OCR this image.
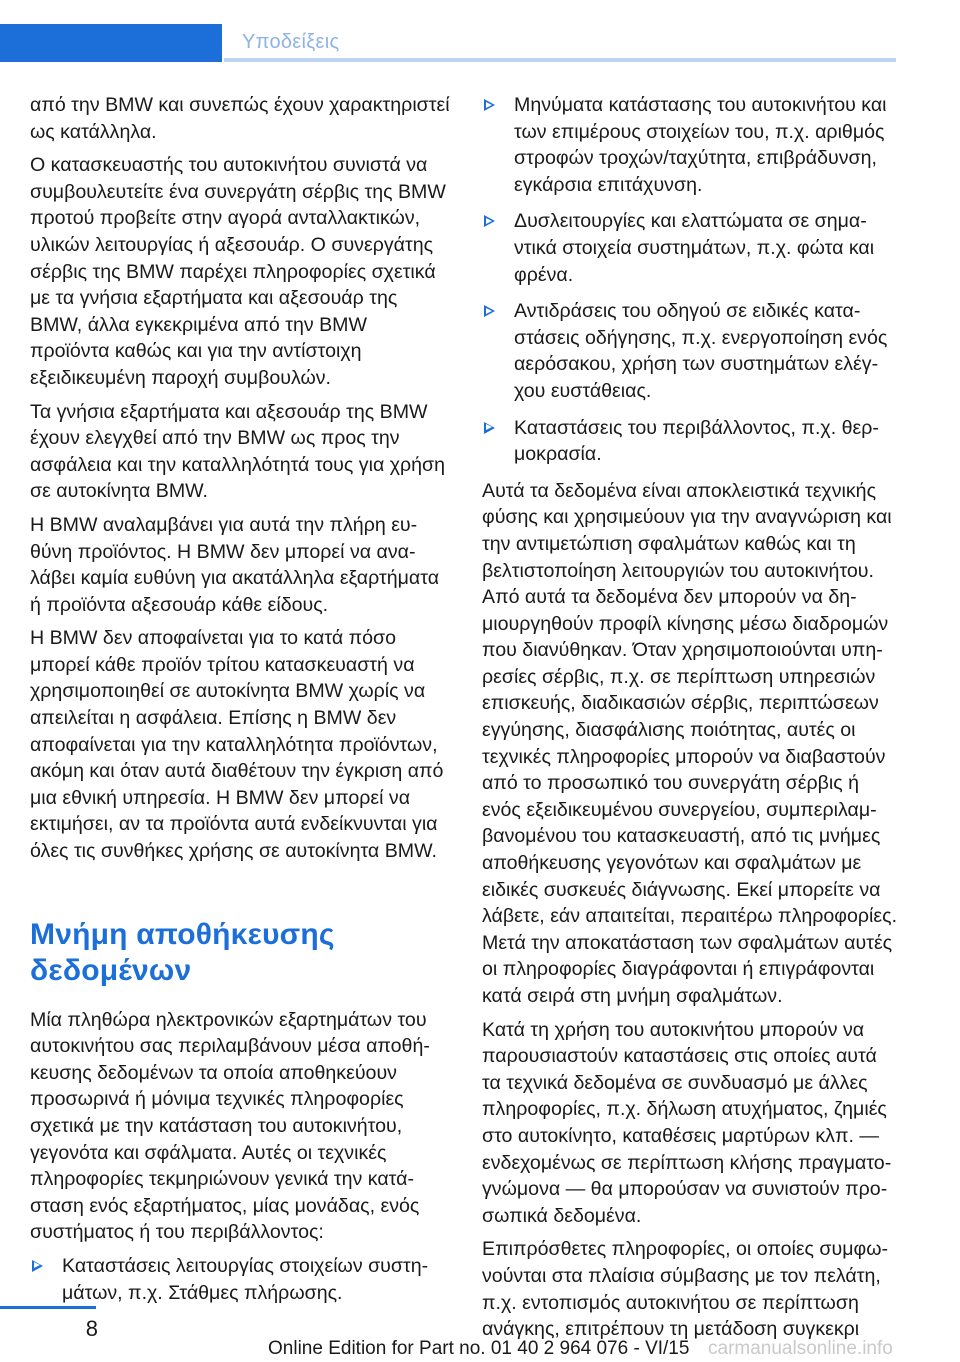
Υποδείξεις

από την BMW και συνεπώς έχουν χαρακτηριστεί ως κατάλληλα.

Ο κατασκευαστής του αυτοκινήτου συνιστά να συμβουλευτείτε ένα συνεργάτη σέρβις της BMW προτού προβείτε στην αγορά ανταλλακτικών, υλικών λειτουργίας ή αξεσουάρ. Ο συνεργάτης σέρβις της BMW παρέχει πληροφορίες σχετικά με τα γνήσια εξαρτήματα και αξεσουάρ της BMW, άλλα εγκεκριμένα από την BMW προϊόντα καθώς και για την αντίστοιχη εξειδικευμένη παροχή συμβουλών.

Τα γνήσια εξαρτήματα και αξεσουάρ της BMW έχουν ελεγχθεί από την BMW ως προς την ασφάλεια και την καταλληλότητά τους για χρήση σε αυτοκίνητα BMW.

Η BMW αναλαμβάνει για αυτά την πλήρη ευθύνη προϊόντος. Η BMW δεν μπορεί να αναλάβει καμία ευθύνη για ακατάλληλα εξαρτήματα ή προϊόντα αξεσουάρ κάθε είδους.

Η BMW δεν αποφαίνεται για το κατά πόσο μπορεί κάθε προϊόν τρίτου κατασκευαστή να χρησιμοποιηθεί σε αυτοκίνητα BMW χωρίς να απειλείται η ασφάλεια. Επίσης η BMW δεν αποφαίνεται για την καταλληλότητα προϊόντων, ακόμη και όταν αυτά διαθέτουν την έγκριση από μια εθνική υπηρεσία. Η BMW δεν μπορεί να εκτιμήσει, αν τα προϊόντα αυτά ενδείκνυνται για όλες τις συνθήκες χρήσης σε αυτοκίνητα BMW.

Μνήμη αποθήκευσης δεδομένων

Μία πληθώρα ηλεκτρονικών εξαρτημάτων του αυτοκινήτου σας περιλαμβάνουν μέσα αποθήκευσης δεδομένων τα οποία αποθηκεύουν προσωρινά ή μόνιμα τεχνικές πληροφορίες σχετικά με την κατάσταση του αυτοκινήτου, γεγονότα και σφάλματα. Αυτές οι τεχνικές πληροφορίες τεκμηριώνουν γενικά την κατάσταση ενός εξαρτήματος, μίας μονάδας, ενός συστήματος ή του περιβάλλοντος:

Καταστάσεις λειτουργίας στοιχείων συστημάτων, π.χ. Στάθμες πλήρωσης.
Μηνύματα κατάστασης του αυτοκινήτου και των επιμέρους στοιχείων του, π.χ. αριθμός στροφών τροχών/ταχύτητα, επιβράδυνση, εγκάρσια επιτάχυνση.
Δυσλειτουργίες και ελαττώματα σε σημαντικά στοιχεία συστημάτων, π.χ. φώτα και φρένα.
Αντιδράσεις του οδηγού σε ειδικές καταστάσεις οδήγησης, π.χ. ενεργοποίηση ενός αερόσακου, χρήση των συστημάτων ελέγχου ευστάθειας.
Καταστάσεις του περιβάλλοντος, π.χ. θερμοκρασία.

Αυτά τα δεδομένα είναι αποκλειστικά τεχνικής φύσης και χρησιμεύουν για την αναγνώριση και την αντιμετώπιση σφαλμάτων καθώς και τη βελτιστοποίηση λειτουργιών του αυτοκινήτου. Από αυτά τα δεδομένα δεν μπορούν να δημιουργηθούν προφίλ κίνησης μέσω διαδρομών που διανύθηκαν. Όταν χρησιμοποιούνται υπηρεσίες σέρβις, π.χ. σε περίπτωση υπηρεσιών επισκευής, διαδικασιών σέρβις, περιπτώσεων εγγύησης, διασφάλισης ποιότητας, αυτές οι τεχνικές πληροφορίες μπορούν να διαβαστούν από το προσωπικό του συνεργάτη σέρβις ή ενός εξειδικευμένου συνεργείου, συμπεριλαμβανομένου του κατασκευαστή, από τις μνήμες αποθήκευσης γεγονότων και σφαλμάτων με ειδικές συσκευές διάγνωσης. Εκεί μπορείτε να λάβετε, εάν απαιτείται, περαιτέρω πληροφορίες. Μετά την αποκατάσταση των σφαλμάτων αυτές οι πληροφορίες διαγράφονται ή επιγράφονται κατά σειρά στη μνήμη σφαλμάτων.

Κατά τη χρήση του αυτοκινήτου μπορούν να παρουσιαστούν καταστάσεις στις οποίες αυτά τα τεχνικά δεδομένα σε συνδυασμό με άλλες πληροφορίες, π.χ. δήλωση ατυχήματος, ζημιές στο αυτοκίνητο, καταθέσεις μαρτύρων κλπ. — ενδεχομένως σε περίπτωση κλήσης πραγματογνώμονα — θα μπορούσαν να συνιστούν προσωπικά δεδομένα.

Επιπρόσθετες πληροφορίες, οι οποίες συμφωνούνται στα πλαίσια σύμβασης με τον πελάτη, π.χ. εντοπισμός αυτοκινήτου σε περίπτωση ανάγκης, επιτρέπουν τη μετάδοση συγκεκρι

8
Online Edition for Part no. 01 40 2 964 076 - VI/15 carmanualsonline.info
